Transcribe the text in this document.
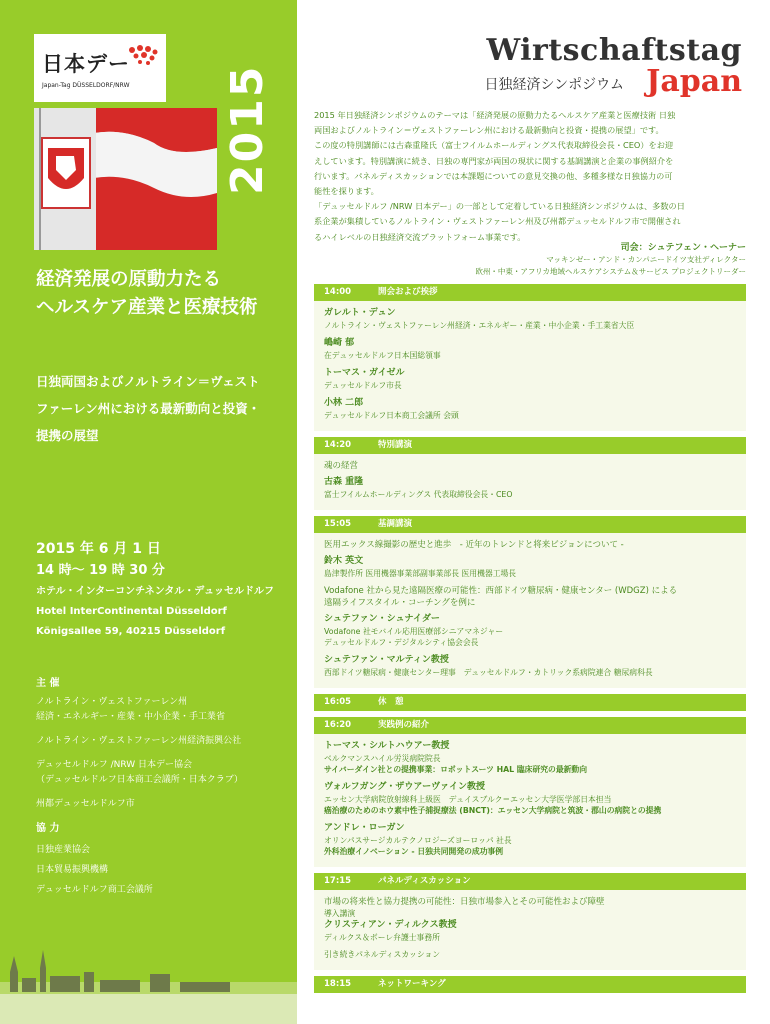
日本デー
Japan-Tag DÜSSELDORF/NRW 2015
経済発展の原動力たる
ヘルスケア産業と医療技術
日独両国およびノルトライン＝ヴェスト
ファーレン州における最新動向と投資・
提携の展望
2015 年 6 月 1 日
14 時〜 19 時 30 分
ホテル・インターコンチネンタル・デュッセルドルフ
Hotel InterContinental Düsseldorf
Königsallee 59, 40215 Düsseldorf
主 催
ノルトライン・ヴェストファーレン州
経済・エネルギー・産業・中小企業・手工業省
ノルトライン・ヴェストファーレン州経済振興公社
デュッセルドルフ /NRW 日本デー協会
（デュッセルドルフ日本商工会議所・日本クラブ）
州都デュッセルドルフ市
協 力
日独産業協会
日本貿易振興機構
デュッセルドルフ商工会議所
Wirtschaftstag
日独経済シンポジウム Japan
2015 年日独経済シンポジウムのテーマは「経済発展の原動力たるヘルスケア産業と医療技術 日独
両国およびノルトライン＝ヴェストファーレン州における最新動向と投資・提携の展望」です。
この度の特別講師には古森重隆氏（富士フイルムホールディングス代表取締役会長・CEO）をお迎
えしています。特別講演に続き、日独の専門家が両国の現状に関する基調講演と企業の事例紹介を
行います。パネルディスカッションでは本課題についての意見交換の他、多種多様な日独協力の可
能性を探ります。
「デュッセルドルフ /NRW 日本デー」の一部として定着している日独経済シンポジウムは、多数の日
系企業が集積しているノルトライン・ヴェストファーレン州及び州都デュッセルドルフ市で開催され
るハイレベルの日独経済交流プラットフォーム事業です。
司会：シュテフェン・ヘーナー
マッキンゼー・アンド・カンパニードイツ支社ディレクター
欧州・中東・アフリカ地域ヘルスケアシステム＆サービス プロジェクトリーダー
14:00	開会および挨拶
ガレルト・デュン
ノルトライン・ヴェストファーレン州経済・エネルギー・産業・中小企業・手工業省大臣
嶋崎 郁
在デュッセルドルフ日本国総領事
トーマス・ガイゼル
デュッセルドルフ市長
小林 二郎
デュッセルドルフ日本商工会議所 会頭
14:20	特別講演
魂の経営
古森 重隆
富士フイルムホールディングス 代表取締役会長・CEO
15:05	基調講演
医用エックス線撮影の歴史と進歩　- 近年のトレンドと将来ビジョンについて -
鈴木 英文
島津製作所 医用機器事業部副事業部長 医用機器工場長
Vodafone 社から見た遠隔医療の可能性：西部ドイツ糖尿病・健康センター (WDGZ) による
遠隔ライフスタイル・コーチングを例に
シュテファン・シュナイダー
Vodafone 社モバイル応用医療部シニアマネジャー
デュッセルドルフ・デジタルシティ協会会長
シュテファン・マルティン教授
西部ドイツ糖尿病・健康センター理事　デュッセルドルフ・カトリック系病院連合 糖尿病科長
16:05	休　憩
16:20	実践例の紹介
トーマス・シルトハウアー教授
ベルクマンスハイル労災病院院長
サイバーダイン社との提携事業：ロボットスーツ HAL 臨床研究の最新動向
ヴォルフガング・ザウアーヴァイン教授
エッセン大学病院放射線科上級医　デュイスブルク＝エッセン大学医学部日本担当
癌治療のためのホウ素中性子捕捉療法 (BNCT)：エッセン大学病院と筑波・郡山の病院との提携
アンドレ・ローガン
オリンパスサージカルテクノロジーズヨーロッパ 社長
外科治療イノベーション - 日独共同開発の成功事例
17:15	パネルディスカッション
市場の将来性と協力提携の可能性：日独市場参入とその可能性および障壁
導入講演
クリスティアン・ディルクス教授
ディルクス＆ボーレ弁護士事務所
引き続きパネルディスカッション
18:15	ネットワーキング
